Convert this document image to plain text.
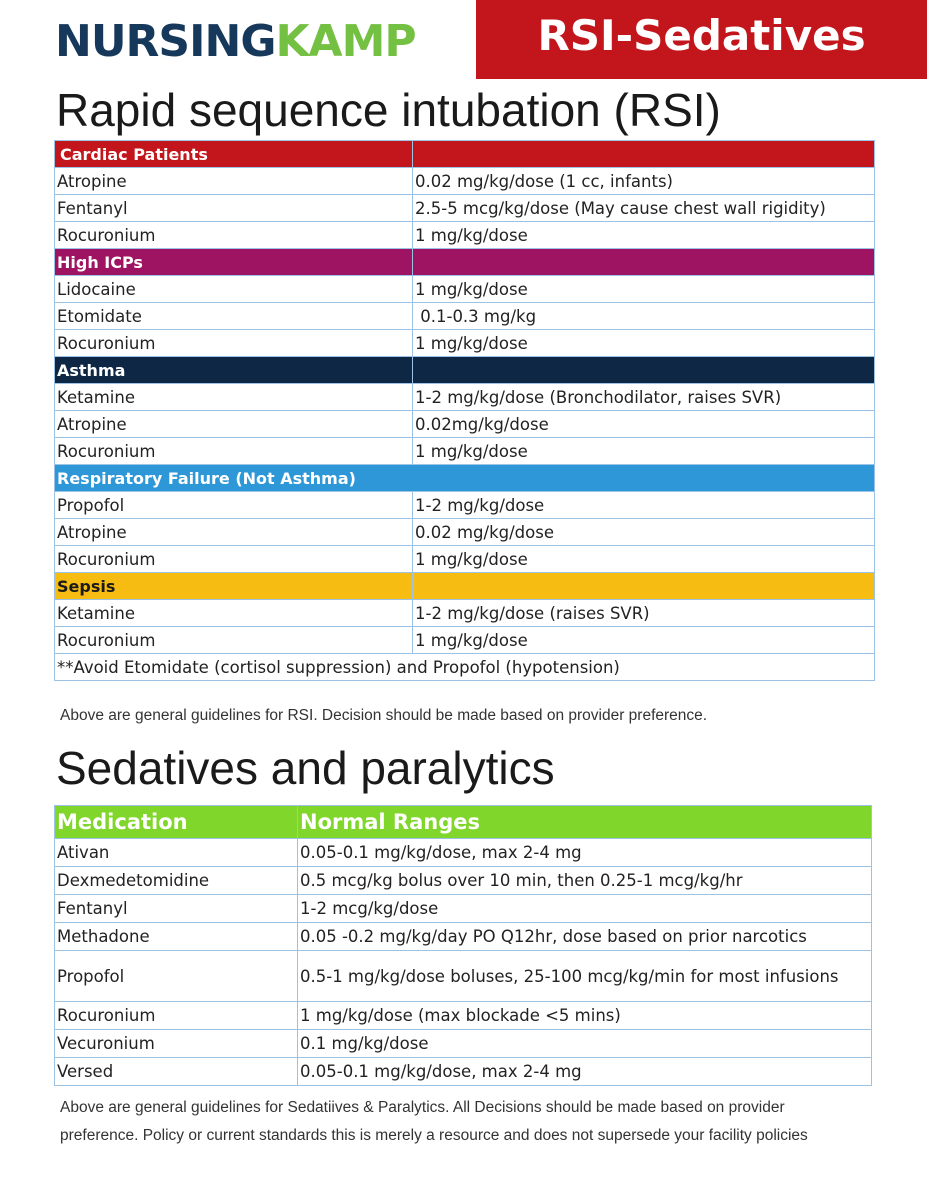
NURSINGKAMP	RSI-Sedatives
Rapid sequence intubation (RSI)
Cardiac Patients	
Atropine	0.02 mg/kg/dose (1 cc, infants)
Fentanyl	2.5-5 mcg/kg/dose (May cause chest wall rigidity)
Rocuronium	1 mg/kg/dose
High ICPs	
Lidocaine	1 mg/kg/dose
Etomidate	0.1-0.3 mg/kg
Rocuronium	1 mg/kg/dose
Asthma	
Ketamine	1-2 mg/kg/dose (Bronchodilator, raises SVR)
Atropine	0.02mg/kg/dose
Rocuronium	1 mg/kg/dose
Respiratory Failure (Not Asthma)	
Propofol	1-2 mg/kg/dose
Atropine	0.02 mg/kg/dose
Rocuronium	1 mg/kg/dose
Sepsis	
Ketamine	1-2 mg/kg/dose (raises SVR)
Rocuronium	1 mg/kg/dose
**Avoid Etomidate (cortisol suppression) and Propofol (hypotension)	
Above are general guidelines for RSI. Decision should be made based on provider preference.
Sedatives and paralytics
Medication	Normal Ranges
Ativan	0.05-0.1 mg/kg/dose, max 2-4 mg
Dexmedetomidine	0.5 mcg/kg bolus over 10 min, then 0.25-1 mcg/kg/hr
Fentanyl	1-2 mcg/kg/dose
Methadone	0.05 -0.2 mg/kg/day PO Q12hr, dose based on prior narcotics
Propofol	0.5-1 mg/kg/dose boluses, 25-100 mcg/kg/min for most infusions
Rocuronium	1 mg/kg/dose (max blockade <5 mins)
Vecuronium	0.1 mg/kg/dose
Versed	0.05-0.1 mg/kg/dose, max 2-4 mg
Above are general guidelines for Sedatiives & Paralytics. All Decisions should be made based on provider
preference. Policy or current standards this is merely a resource and does not supersede your facility policies
